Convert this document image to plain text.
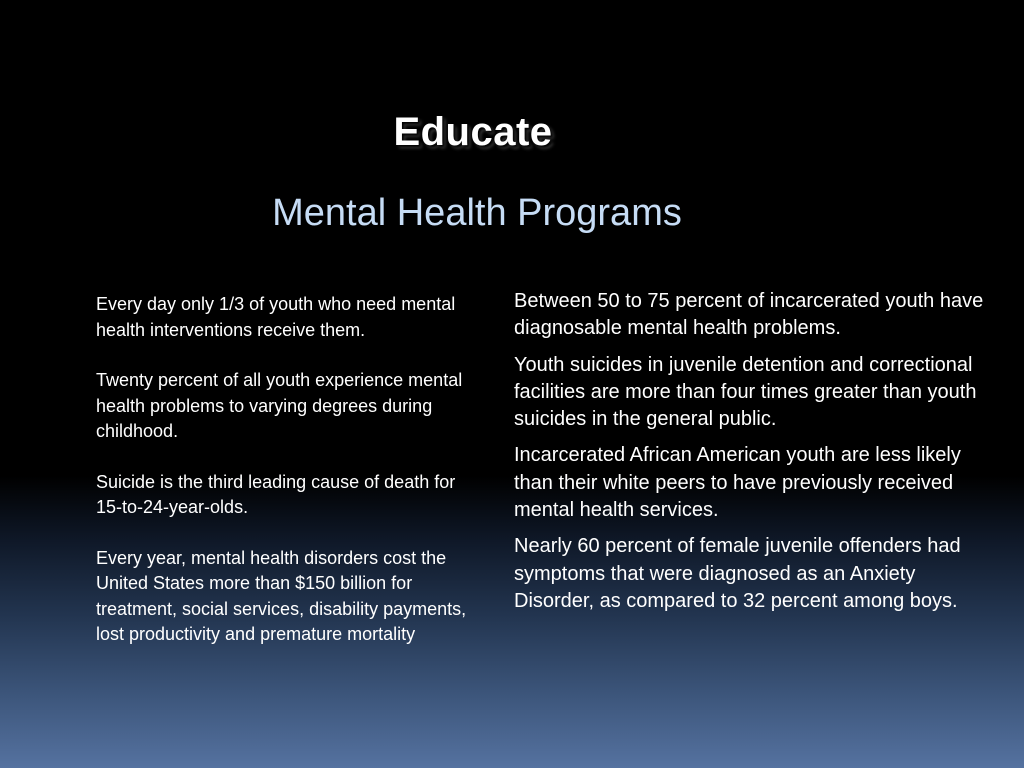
Educate
Mental Health Programs

Every day only 1/3 of youth who need mental health interventions receive them.

Twenty percent of all youth experience mental health problems to varying degrees during childhood.

Suicide is the third leading cause of death for 15-to-24-year-olds.

Every year, mental health disorders cost the United States more than $150 billion for treatment, social services, disability payments, lost productivity and premature mortality

Between 50 to 75 percent of incarcerated youth have diagnosable mental health problems.

Youth suicides in juvenile detention and correctional facilities are more than four times greater than youth suicides in the general public.

Incarcerated African American youth are less likely than their white peers to have previously received mental health services.

Nearly 60 percent of female juvenile offenders had symptoms that were diagnosed as an Anxiety Disorder, as compared to 32 percent among boys.
